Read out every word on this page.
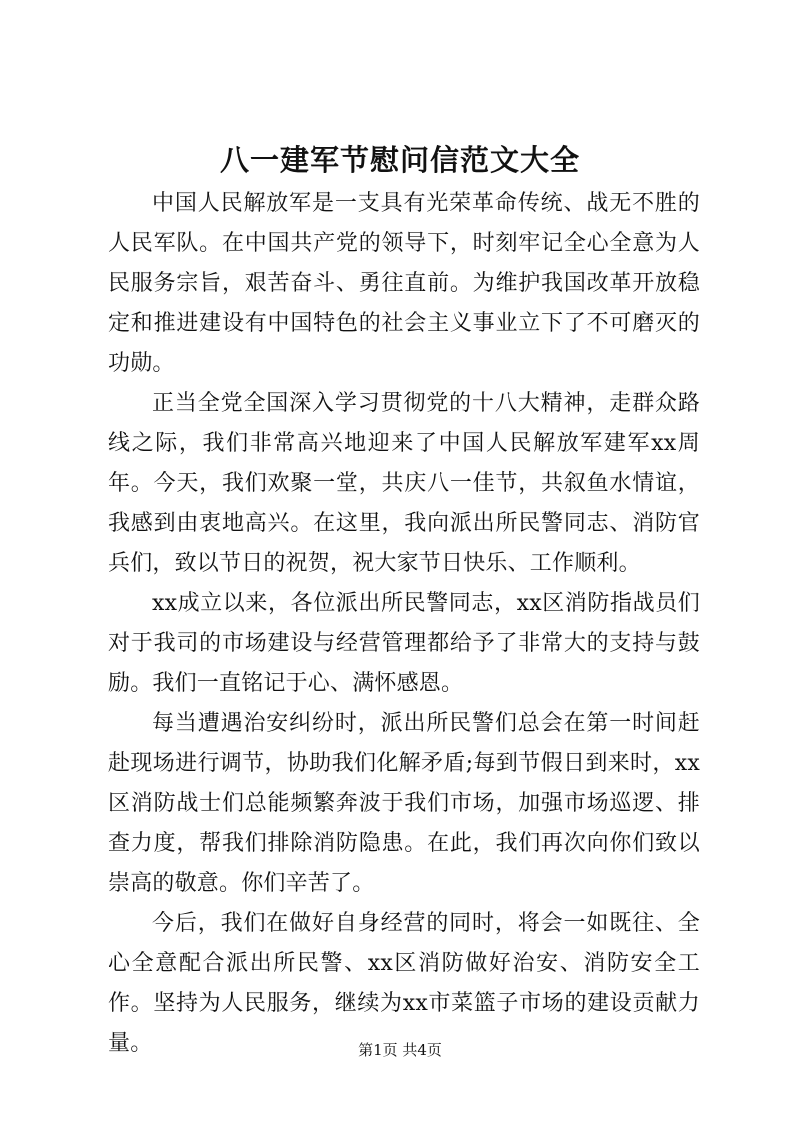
八一建军节慰问信范文大全

中国人民解放军是一支具有光荣革命传统、战无不胜的人民军队。在中国共产党的领导下，时刻牢记全心全意为人民服务宗旨，艰苦奋斗、勇往直前。为维护我国改革开放稳定和推进建设有中国特色的社会主义事业立下了不可磨灭的功勋。

正当全党全国深入学习贯彻党的十八大精神，走群众路线之际，我们非常高兴地迎来了中国人民解放军建军xx周年。今天，我们欢聚一堂，共庆八一佳节，共叙鱼水情谊，我感到由衷地高兴。在这里，我向派出所民警同志、消防官兵们，致以节日的祝贺，祝大家节日快乐、工作顺利。

xx成立以来，各位派出所民警同志，xx区消防指战员们对于我司的市场建设与经营管理都给予了非常大的支持与鼓励。我们一直铭记于心、满怀感恩。

每当遭遇治安纠纷时，派出所民警们总会在第一时间赶赴现场进行调节，协助我们化解矛盾;每到节假日到来时，xx区消防战士们总能频繁奔波于我们市场，加强市场巡逻、排查力度，帮我们排除消防隐患。在此，我们再次向你们致以崇高的敬意。你们辛苦了。

今后，我们在做好自身经营的同时，将会一如既往、全心全意配合派出所民警、xx区消防做好治安、消防安全工作。坚持为人民服务，继续为xx市菜篮子市场的建设贡献力量。	第1页 共4页
